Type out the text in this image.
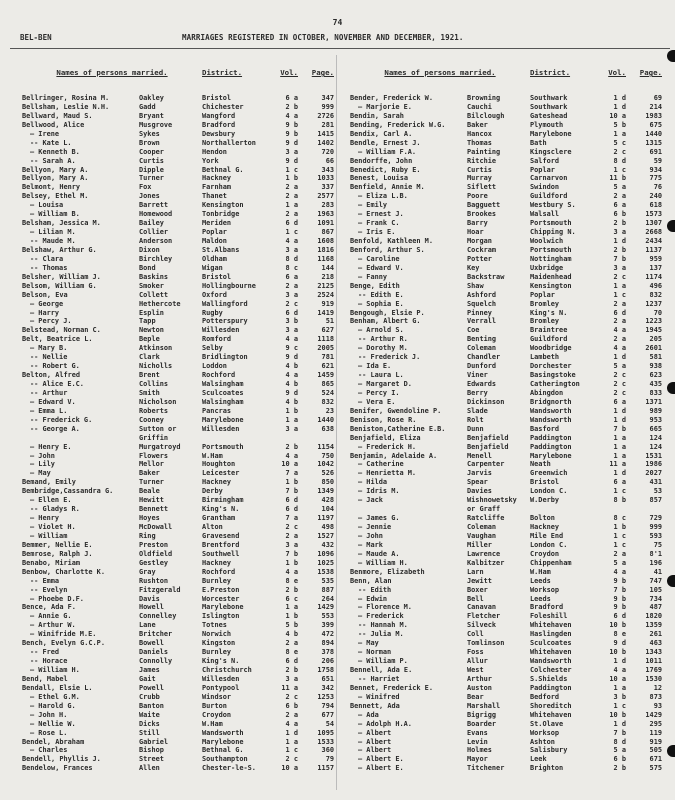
74
BEL-BEN	MARRIAGES REGISTERED IN OCTOBER, NOVEMBER AND DECEMBER, 1921.
Names of persons married.	District.	Vol.	Page.
Bellringer, Rosina M.	Oakley	Bristol	6 a	347
Bellsham, Leslie N.H.	Gadd	Chichester	2 b	999
Bellward, Maud S.	Bryant	Wangford	4 a	2726
Bellwood, Alice	Musgrove	Bradford	9 b	281
— Irene	Sykes	Dewsbury	9 b	1415
-- Kate L.	Brown	Northallerton	9 d	1402
— Kenneth B.	Cooper	Hendon	3 a	720
-- Sarah A.	Curtis	York	9 d	66
Bellyon, Mary A.	Dipple	Bethnal G.	1 c	343
Bellyon, Mary A.	Turner	Hackney	1 b	1033
Belmont, Henry	Fox	Farnham	2 a	337
Belsey, Ethel M.	Jones	Thanet	2 a	2577
— Louisa	Barrett	Kensington	1 a	283
— William B.	Homewood	Tonbridge	2 a	1963
Belsham, Jessica M.	Bailey	Meriden	6 d	1091
— Lilian M.	Collier	Poplar	1 c	867
-- Maude M.	Anderson	Maldon	4 a	1608
Belshaw, Arthur G.	Dixon	St.Albans	3 a	1816
-- Clara	Birchley	Oldham	8 d	1168
-- Thomas	Bond	Wigan	8 c	144
Belsher, William J.	Baskins	Bristol	6 a	218
Belsom, William G.	Smoker	Hollingbourne	2 a	2125
Belson, Eva	Collett	Oxford	3 a	2524
— George	Hethercote	Wallingford	2 c	919
— Harry	Esplin	Rugby	6 d	1419
— Percy J.	Tapp	Potterspury	3 b	51
Belstead, Norman C.	Newton	Willesden	3 a	627
Belt, Beatrice L.	Beple	Romford	4 a	1118
— Mary B.	Atkinson	Selby	9 c	2005
-- Nellie	Clark	Bridlington	9 d	781
-- Robert G.	Nicholls	Loddon	4 b	621
Belton, Alfred	Brent	Rochford	4 a	1459
-- Alice E.C.	Collins	Walsingham	4 b	865
-- Arthur	Smith	Sculcoates	9 d	524
— Edward V.	Nicholson	Walsingham	4 b	832
— Emma L.	Roberts	Pancras	1 b	23
-- Frederick G.	Cooney	Marylebone	1 a	1440
-- George A.	Sutton or	Willesden	3 a	638
Griffin
— Henry E.	Murgatroyd	Portsmouth	2 b	1154
— John	Flowers	W.Ham	4 a	750
— Lily	Mellor	Houghton	10 a	1042
— May	Baker	Leicester	7 a	526
Bemand, Emily	Turner	Hackney	1 b	850
Bembridge,Cassandra G.	Beale	Derby	7 b	1349
— Ellen E.	Hewitt	Birmingham	6 d	428
-- Gladys R.	Bennett	King's N.	6 d	104
— Henry	Hoyes	Grantham	7 a	1197
— Violet H.	McDowall	Alton	2 c	498
— William	Ring	Gravesend	2 a	1527
Bemmer, Nellie E.	Preston	Brentford	3 a	432
Bemrose, Ralph J.	Oldfield	Southwell	7 b	1096
Benabo, Miriam	Gestley	Hackney	1 b	1025
Benbow, Charlotte K.	Gray	Rochford	4 a	1538
-- Emma	Rushton	Burnley	8 e	535
-- Evelyn	Fitzgerald	E.Preston	2 b	887
— Phoebe D.F.	Davis	Worcester	6 c	264
Bence, Ada F.	Howell	Marylebone	1 a	1429
— Annie G.	Connelley	Islington	1 b	553
— Arthur W.	Lane	Totnes	5 b	399
— Winifride M.E.	Britcher	Norwich	4 b	472
Bench, Evelyn G.C.P.	Bowell	Kingston	2 a	894
-- Fred	Daniels	Burnley	8 e	378
-- Horace	Connolly	King's N.	6 d	206
— William H.	James	Christchurch	2 b	1758
Bend, Mabel	Gait	Willesden	3 a	651
Bendall, Elsie L.	Powell	Pontypool	11 a	342
— Ethel G.M.	Crubb	Windsor	2 c	1253
— Harold G.	Banton	Burton	6 b	794
— John H.	Waite	Croydon	2 a	677
— Nellie W.	Dicks	W.Ham	4 a	54
— Rose L.	Still	Wandsworth	1 d	1095
Bendel, Abraham	Gabriel	Marylebone	1 a	1533
— Charles	Bishop	Bethnal G.	1 c	360
Bendell, Phyllis J.	Street	Southampton	2 c	79
Bendelow, Frances	Allen	Chester-le-S.	10 a	1157
Names of persons married.	District.	Vol.	Page.
Bender, Frederick W.	Browning	Southwark	1 d	69
— Marjorie E.	Cauchi	Southwark	1 d	214
Bendin, Sarah	Bilclough	Gateshead	10 a	1983
Bending, Frederick W.G.	Baker	Plymouth	5 b	675
Bendix, Carl A.	Hancox	Marylebone	1 a	1440
Bendle, Ernest J.	Thomas	Bath	5 c	1315
— William F.A.	Painting	Kingsclere	2 c	691
Bendorffe, John	Ritchie	Salford	8 d	59
Benedict, Ruby E.	Curtis	Poplar	1 c	934
Benest, Louisa	Murray	Carnarvon	11 b	775
Benfield, Annie M.	Siflett	Swindon	5 a	76
— Eliza L.B.	Poore	Guildford	2 a	240
— Emily	Bagguett	Westbury S.	6 a	618
— Ernest J.	Brookes	Walsall	6 b	1573
— Frank C.	Barry	Portsmouth	2 b	1307
— Iris E.	Hoar	Chipping N.	3 a	2668
Benfold, Kathleen M.	Morgan	Woolwich	1 d	2434
Benford, Arthur S.	Cockram	Portsmouth	2 b	1137
— Caroline	Potter	Nottingham	7 b	959
— Edward V.	Key	Uxbridge	3 a	137
— Fanny	Backstraw	Maidenhead	2 c	1174
Benge, Edith	Shaw	Kensington	1 a	496
-- Edith E.	Ashford	Poplar	1 c	832
— Sophia E.	Squelch	Bromley	2 a	1237
Bengough, Elsie P.	Pinney	King's N.	6 d	70
Benham, Albert G.	Verrall	Bromley	2 a	1223
— Arnold S.	Coe	Braintree	4 a	1945
-- Arthur R.	Benting	Guildford	2 a	205
— Dorothy M.	Coleman	Woodbridge	4 a	2601
-- Frederick J.	Chandler	Lambeth	1 d	581
— Ida E.	Dunford	Dorchester	5 a	938
-- Laura L.	Viner	Basingstoke	2 c	623
— Margaret D.	Edwards	Catherington	2 c	435
— Percy I.	Berry	Abingdon	2 c	833
— Vera E.	Dickinson	Bridgnorth	6 a	1371
Benifer, Gwendoline P.	Slade	Wandsworth	1 d	989
Benison, Rose R.	Rolt	Wandsworth	1 d	953
Beniston,Catherine E.B.	Dunn	Basford	7 b	665
Benjafield, Eliza	Benjafield	Paddington	1 a	124
— Frederick H.	Benjafield	Paddington	1 a	124
Benjamin, Adelaide A.	Menell	Marylebone	1 a	1531
— Catherine	Carpenter	Neath	11 a	1986
— Henrietta M.	Jarvis	Greenwich	1 d	2027
— Hilda	Spear	Bristol	6 a	431
— Idris M.	Davies	London C.	1 c	53
— Jack	Wishnowetsky	W.Derby	8 b	857
or Graff
— James G.	Ratcliffe	Bolton	8 c	729
— Jennie	Coleman	Hackney	1 b	999
— John	Vaughan	Mile End	1 c	593
— Mark	Miller	London C.	1 c	75
— Maude A.	Lawrence	Croydon	2 a	8'1
— William H.	Kalbitzer	Chippenham	5 a	196
Benmore, Elizabeth	Larn	W.Ham	4 a	41
Benn, Alan	Jewitt	Leeds	9 b	747
-- Edith	Boxer	Worksop	7 b	105
— Edwin	Bell	Leeds	9 b	734
— Florence M.	Canavan	Bradford	9 b	487
— Frederick	Fletcher	Foleshill	6 d	1820
-- Hannah M.	Silveck	Whitehaven	10 b	1359
-- Julia M.	Coll	Haslingden	8 e	261
— May	Tomlinson	Sculcoates	9 d	463
— Norman	Foss	Whitehaven	10 b	1343
— William P.	Allur	Wandsworth	1 d	1011
Bennell, Ada E.	West	Colchester	4 a	1769
-- Harriet	Arthur	S.Shields	10 a	1530
Bennet, Frederick E.	Auston	Paddington	1 a	12
— Winifred	Bear	Bedford	3 b	873
Bennett, Ada	Marshall	Shoreditch	1 c	93
— Ada	Bigrigg	Whitehaven	10 b	1429
— Adolph H.A.	Boarder	St.Olave	1 d	295
— Albert	Evans	Worksop	7 b	119
— Albert	Levin	Ashton	8 d	919
— Albert	Holmes	Salisbury	5 a	505
— Albert E.	Mayor	Leek	6 b	671
— Albert E.	Titchener	Brighton	2 b	575
